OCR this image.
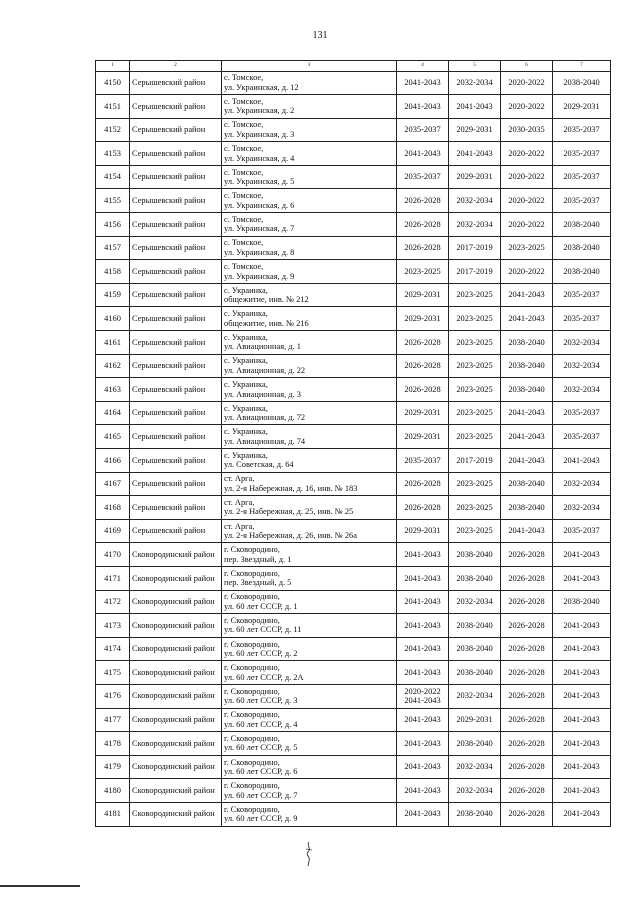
131
1	2	3	4	5	6	7
4150	Серышевский район	с. Томское,
ул. Украинская, д. 12	2041-2043	2032-2034	2020-2022	2038-2040
4151	Серышевский район	с. Томское,
ул. Украинская, д. 2	2041-2043	2041-2043	2020-2022	2029-2031
4152	Серышевский район	с. Томское,
ул. Украинская, д. 3	2035-2037	2029-2031	2030-2035	2035-2037
4153	Серышевский район	с. Томское,
ул. Украинская, д. 4	2041-2043	2041-2043	2020-2022	2035-2037
4154	Серышевский район	с. Томское,
ул. Украинская, д. 5	2035-2037	2029-2031	2020-2022	2035-2037
4155	Серышевский район	с. Томское,
ул. Украинская, д. 6	2026-2028	2032-2034	2020-2022	2035-2037
4156	Серышевский район	с. Томское,
ул. Украинская, д. 7	2026-2028	2032-2034	2020-2022	2038-2040
4157	Серышевский район	с. Томское,
ул. Украинская, д. 8	2026-2028	2017-2019	2023-2025	2038-2040
4158	Серышевский район	с. Томское,
ул. Украинская, д. 9	2023-2025	2017-2019	2020-2022	2038-2040
4159	Серышевский район	с. Украинка,
общежитие, инв. № 212	2029-2031	2023-2025	2041-2043	2035-2037
4160	Серышевский район	с. Украинка,
общежитие, инв. № 216	2029-2031	2023-2025	2041-2043	2035-2037
4161	Серышевский район	с. Украинка,
ул. Авиационная, д. 1	2026-2028	2023-2025	2038-2040	2032-2034
4162	Серышевский район	с. Украинка,
ул. Авиационная, д. 22	2026-2028	2023-2025	2038-2040	2032-2034
4163	Серышевский район	с. Украинка,
ул. Авиационная, д. 3	2026-2028	2023-2025	2038-2040	2032-2034
4164	Серышевский район	с. Украинка,
ул. Авиационная, д. 72	2029-2031	2023-2025	2041-2043	2035-2037
4165	Серышевский район	с. Украинка,
ул. Авиационная, д. 74	2029-2031	2023-2025	2041-2043	2035-2037
4166	Серышевский район	с. Украинка,
ул. Советская, д. 64	2035-2037	2017-2019	2041-2043	2041-2043
4167	Серышевский район	ст. Арга,
ул. 2-я Набережная, д. 16, инв. № 183	2026-2028	2023-2025	2038-2040	2032-2034
4168	Серышевский район	ст. Арга,
ул. 2-я Набережная, д. 25, инв. № 25	2026-2028	2023-2025	2038-2040	2032-2034
4169	Серышевский район	ст. Арга,
ул. 2-я Набережная, д. 26, инв. № 26а	2029-2031	2023-2025	2041-2043	2035-2037
4170	Сковородинский район	г. Сковородино,
пер. Звездный, д. 1	2041-2043	2038-2040	2026-2028	2041-2043
4171	Сковородинский район	г. Сковородино,
пер. Звездный, д. 5	2041-2043	2038-2040	2026-2028	2041-2043
4172	Сковородинский район	г. Сковородино,
ул. 60 лет СССР, д. 1	2041-2043	2032-2034	2026-2028	2038-2040
4173	Сковородинский район	г. Сковородино,
ул. 60 лет СССР, д. 11	2041-2043	2038-2040	2026-2028	2041-2043
4174	Сковородинский район	г. Сковородино,
ул. 60 лет СССР, д. 2	2041-2043	2038-2040	2026-2028	2041-2043
4175	Сковородинский район	г. Сковородино,
ул. 60 лет СССР, д. 2А	2041-2043	2038-2040	2026-2028	2041-2043
4176	Сковородинский район	г. Сковородино,
ул. 60 лет СССР, д. 3	2020-2022
2041-2043	2032-2034	2026-2028	2041-2043
4177	Сковородинский район	г. Сковородино,
ул. 60 лет СССР, д. 4	2041-2043	2029-2031	2026-2028	2041-2043
4178	Сковородинский район	г. Сковородино,
ул. 60 лет СССР, д. 5	2041-2043	2038-2040	2026-2028	2041-2043
4179	Сковородинский район	г. Сковородино,
ул. 60 лет СССР, д. 6	2041-2043	2032-2034	2026-2028	2041-2043
4180	Сковородинский район	г. Сковородино,
ул. 60 лет СССР, д. 7	2041-2043	2032-2034	2026-2028	2041-2043
4181	Сковородинский район	г. Сковородино,
ул. 60 лет СССР, д. 9	2041-2043	2038-2040	2026-2028	2041-2043
